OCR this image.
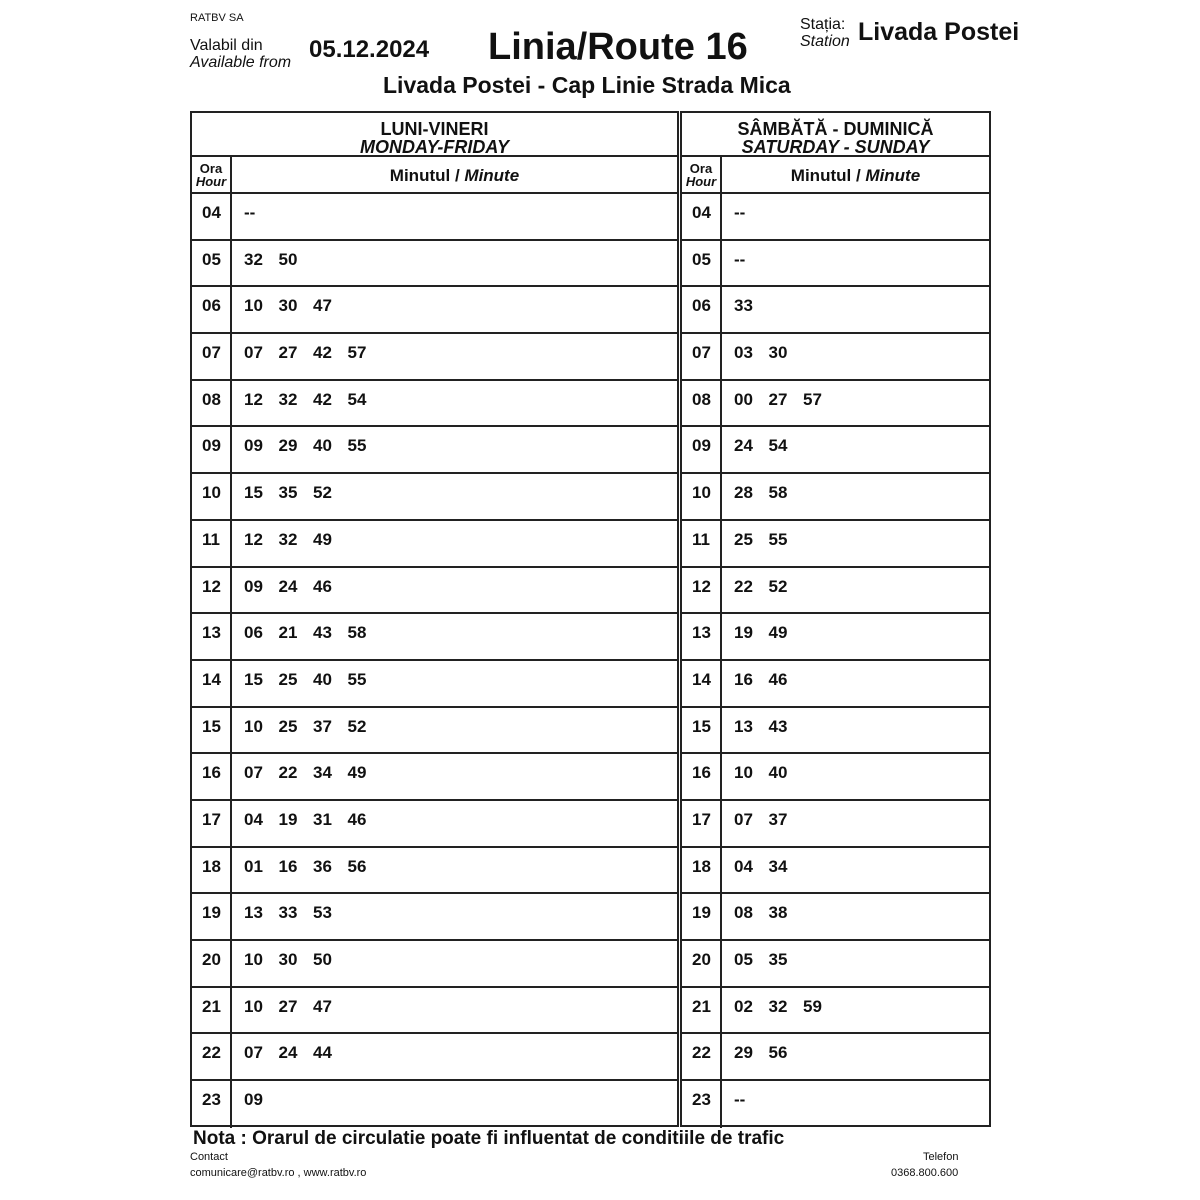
RATBV SA
Valabil din
Available from 05.12.2024 Linia/Route 16
Stația:
Station Livada Postei
Livada Postei - Cap Linie Strada Mica
LUNI-VINERI
MONDAY-FRIDAY
Ora
Hour	Minutul / Minute
04	--
05	32 50
06	10 30 47
07	07 27 42 57
08	12 32 42 54
09	09 29 40 55
10	15 35 52
11	12 32 49
12	09 24 46
13	06 21 43 58
14	15 25 40 55
15	10 25 37 52
16	07 22 34 49
17	04 19 31 46
18	01 16 36 56
19	13 33 53
20	10 30 50
21	10 27 47
22	07 24 44
23	09
SÂMBĂTĂ - DUMINICĂ
SATURDAY - SUNDAY
Ora
Hour	Minutul / Minute
04	--
05	--
06	33
07	03 30
08	00 27 57
09	24 54
10	28 58
11	25 55
12	22 52
13	19 49
14	16 46
15	13 43
16	10 40
17	07 37
18	04 34
19	08 38
20	05 35
21	02 32 59
22	29 56
23	--
Nota : Orarul de circulatie poate fi influentat de conditiile de trafic
Contact
comunicare@ratbv.ro , www.ratbv.ro
Telefon
0368.800.600
